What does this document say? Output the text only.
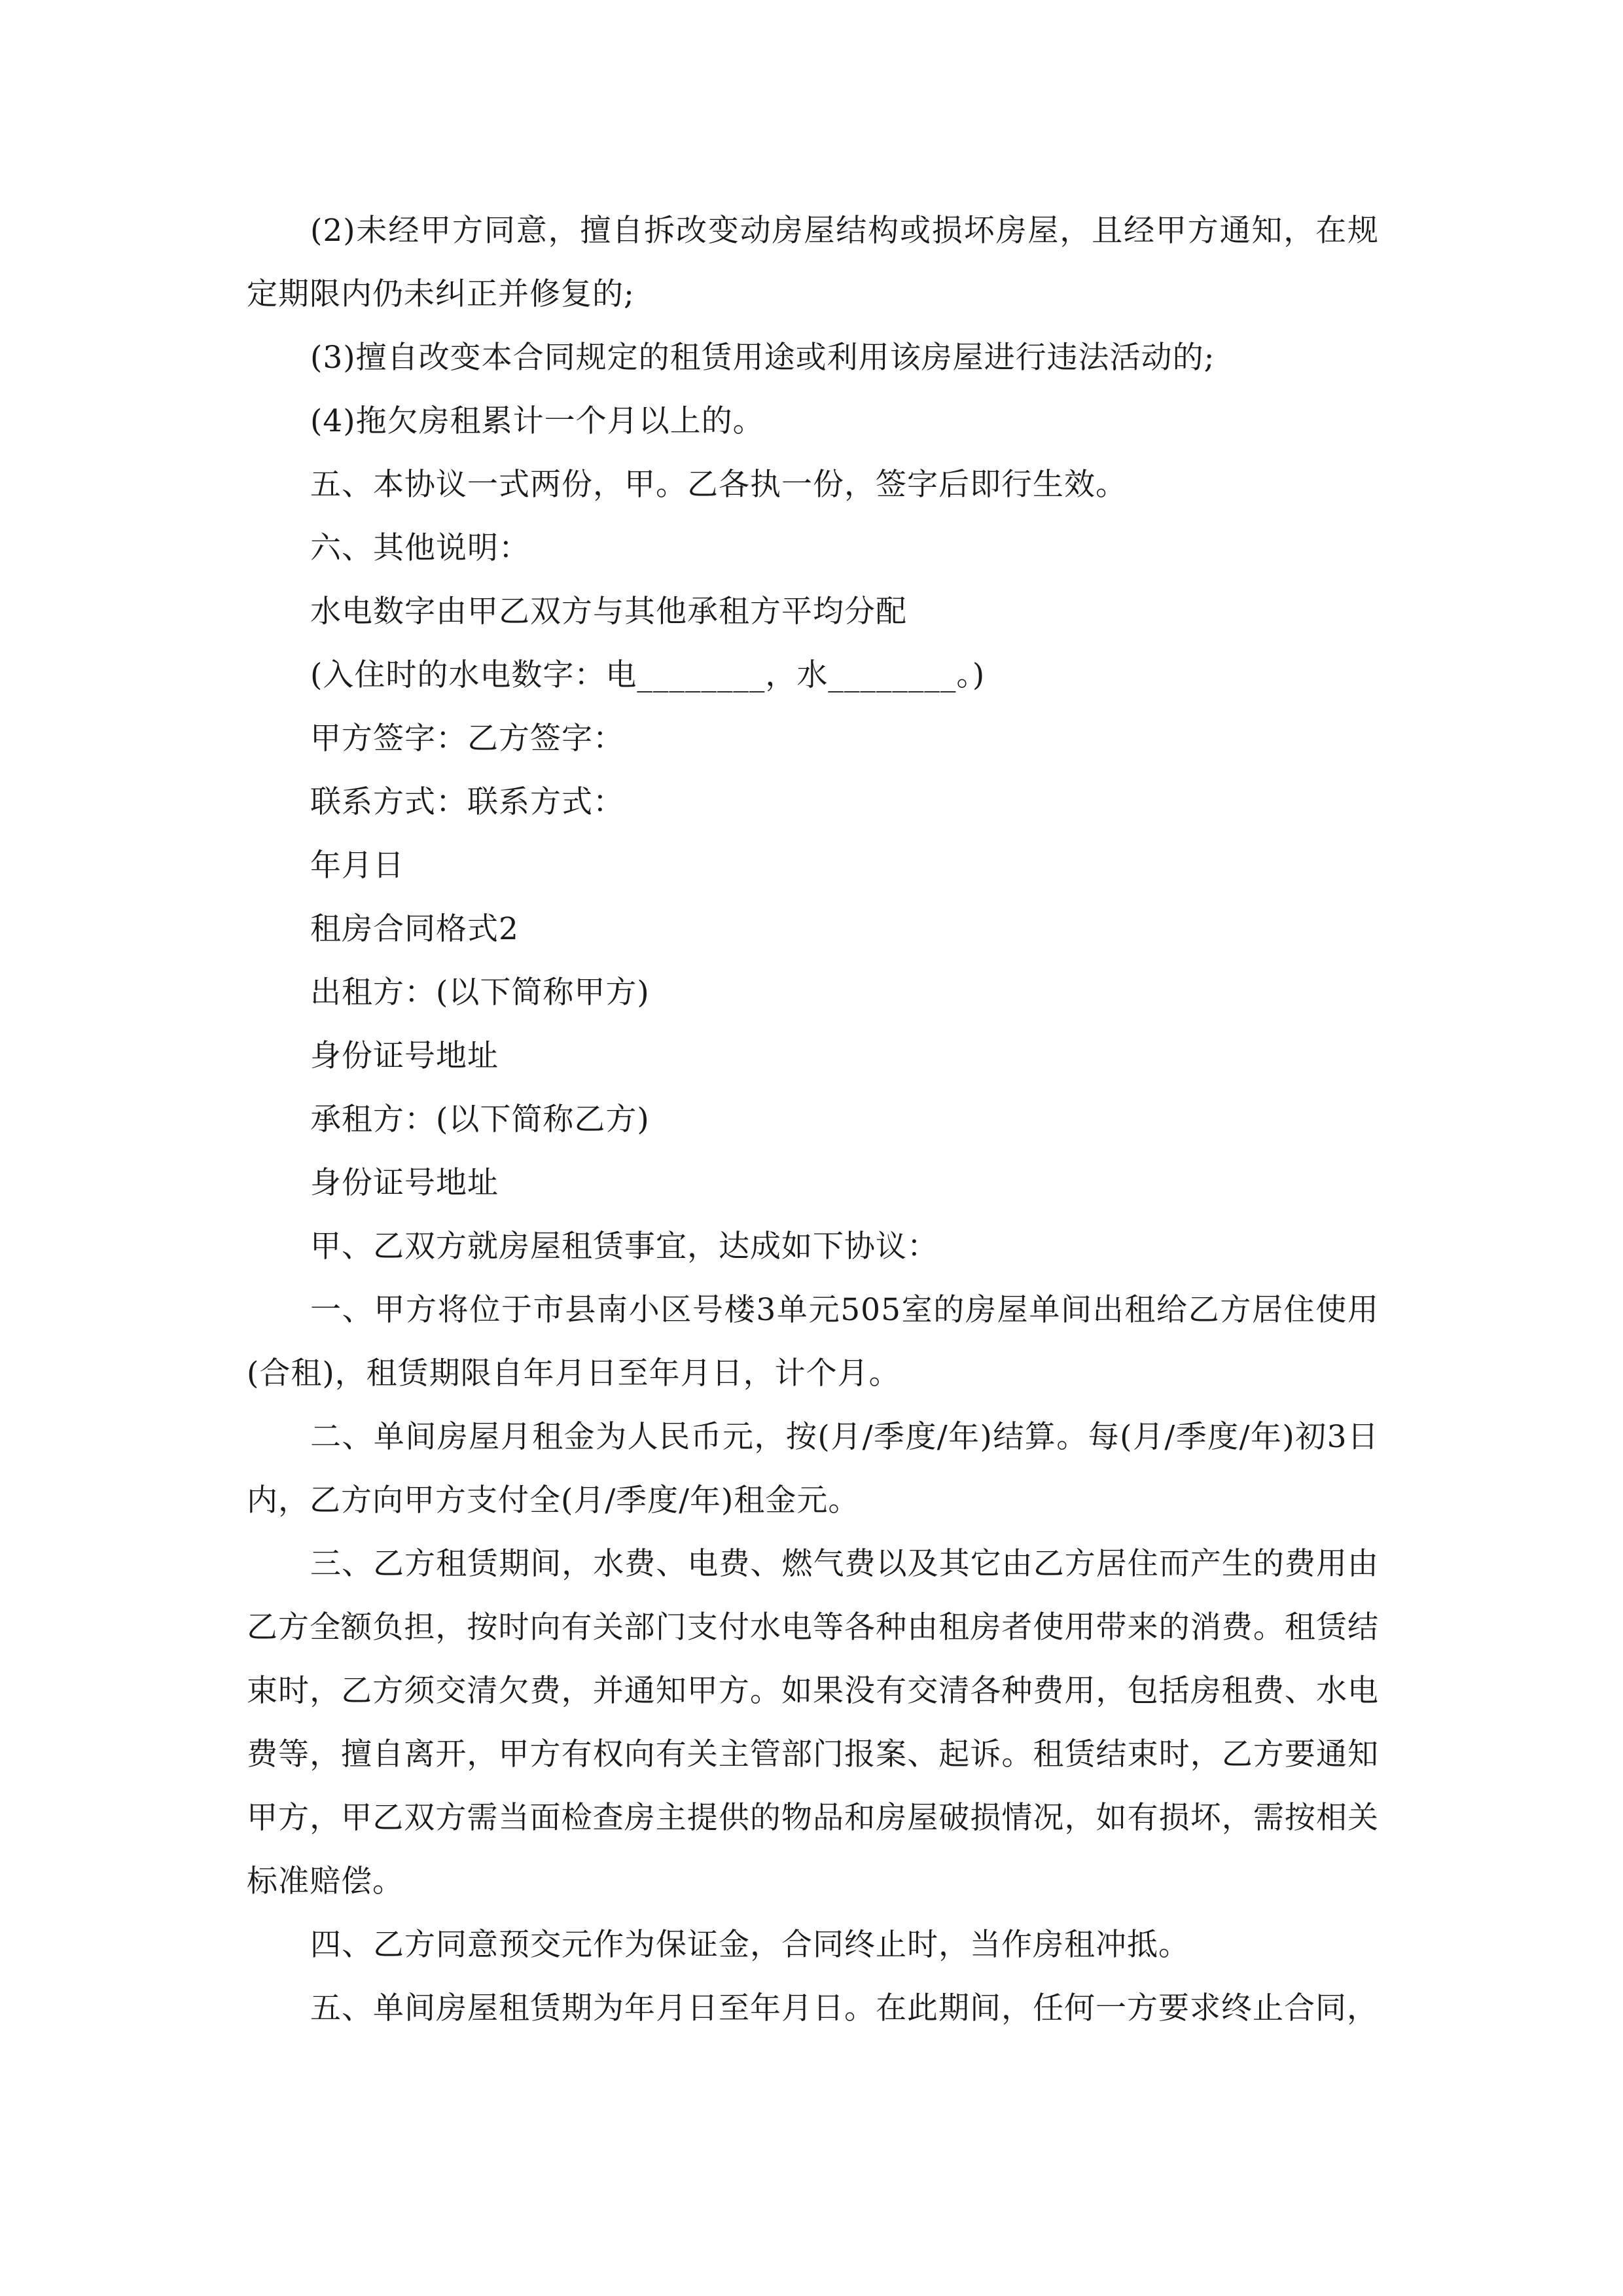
(2)未经甲方同意，擅自拆改变动房屋结构或损坏房屋，且经甲方通知，在规定期限内仍未纠正并修复的;

(3)擅自改变本合同规定的租赁用途或利用该房屋进行违法活动的;

(4)拖欠房租累计一个月以上的。

五、本协议一式两份，甲。乙各执一份，签字后即行生效。

六、其他说明：

水电数字由甲乙双方与其他承租方平均分配

(入住时的水电数字：电________，水________。)

甲方签字：乙方签字：

联系方式：联系方式：

年月日

租房合同格式2

出租方：(以下简称甲方)

身份证号地址

承租方：(以下简称乙方)

身份证号地址

甲、乙双方就房屋租赁事宜，达成如下协议：

一、甲方将位于市县南小区号楼3单元505室的房屋单间出租给乙方居住使用(合租)，租赁期限自年月日至年月日，计个月。

二、单间房屋月租金为人民币元，按(月/季度/年)结算。每(月/季度/年)初3日内，乙方向甲方支付全(月/季度/年)租金元。

三、乙方租赁期间，水费、电费、燃气费以及其它由乙方居住而产生的费用由乙方全额负担，按时向有关部门支付水电等各种由租房者使用带来的消费。租赁结束时，乙方须交清欠费，并通知甲方。如果没有交清各种费用，包括房租费、水电费等，擅自离开，甲方有权向有关主管部门报案、起诉。租赁结束时，乙方要通知甲方，甲乙双方需当面检查房主提供的物品和房屋破损情况，如有损坏，需按相关标准赔偿。

四、乙方同意预交元作为保证金，合同终止时，当作房租冲抵。

五、单间房屋租赁期为年月日至年月日。在此期间，任何一方要求终止合同，
